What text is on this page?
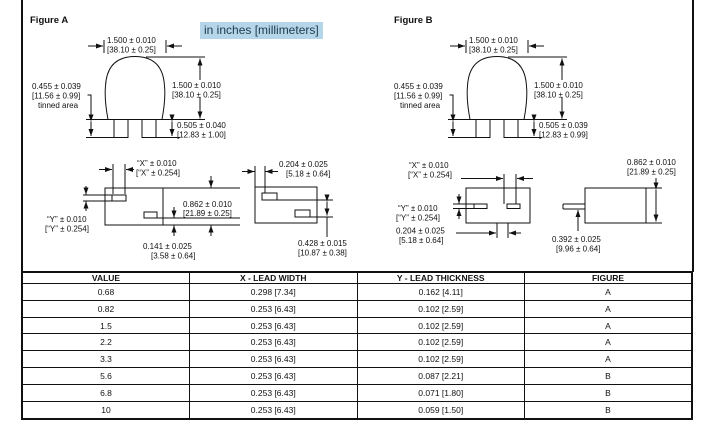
Figure A	Figure B
in inches [millimeters]
1.500 ± 0.010
[38.10 ± 0.25]
1.500 ± 0.010
[38.10 ± 0.25]
0.505 ± 0.040
[12.83 ± 1.00]
0.455 ± 0.039
[11.56 ± 0.99]
tinned area
1.500 ± 0.010
[38.10 ± 0.25]
1.500 ± 0.010
[38.10 ± 0.25]
0.505 ± 0.039
[12.83 ± 0.99]
0.455 ± 0.039
[11.56 ± 0.99]
tinned area
“X” ± 0.010
[“X” ± 0.254]
“Y” ± 0.010
[“Y” ± 0.254]
0.862 ± 0.010
[21.89 ± 0.25]
0.141 ± 0.025
[3.58 ± 0.64]
0.204 ± 0.025
[5.18 ± 0.64]
0.428 ± 0.015
[10.87 ± 0.38]
“X” ± 0.010
[“X” ± 0.254]
“Y” ± 0.010
[“Y” ± 0.254]
0.204 ± 0.025
[5.18 ± 0.64]
0.862 ± 0.010
[21.89 ± 0.25]
0.392 ± 0.025
[9.96 ± 0.64]
VALUE	X - LEAD WIDTH	Y - LEAD THICKNESS	FIGURE
0.68	0.298 [7.34]	0.162 [4.11]	A
0.82	0.253 [6.43]	0.102 [2.59]	A
1.5	0.253 [6.43]	0.102 [2.59]	A
2.2	0.253 [6.43]	0.102 [2.59]	A
3.3	0.253 [6.43]	0.102 [2.59]	A
5.6	0.253 [6.43]	0.087 [2.21]	B
6.8	0.253 [6.43]	0.071 [1.80]	B
10	0.253 [6.43]	0.059 [1.50]	B
